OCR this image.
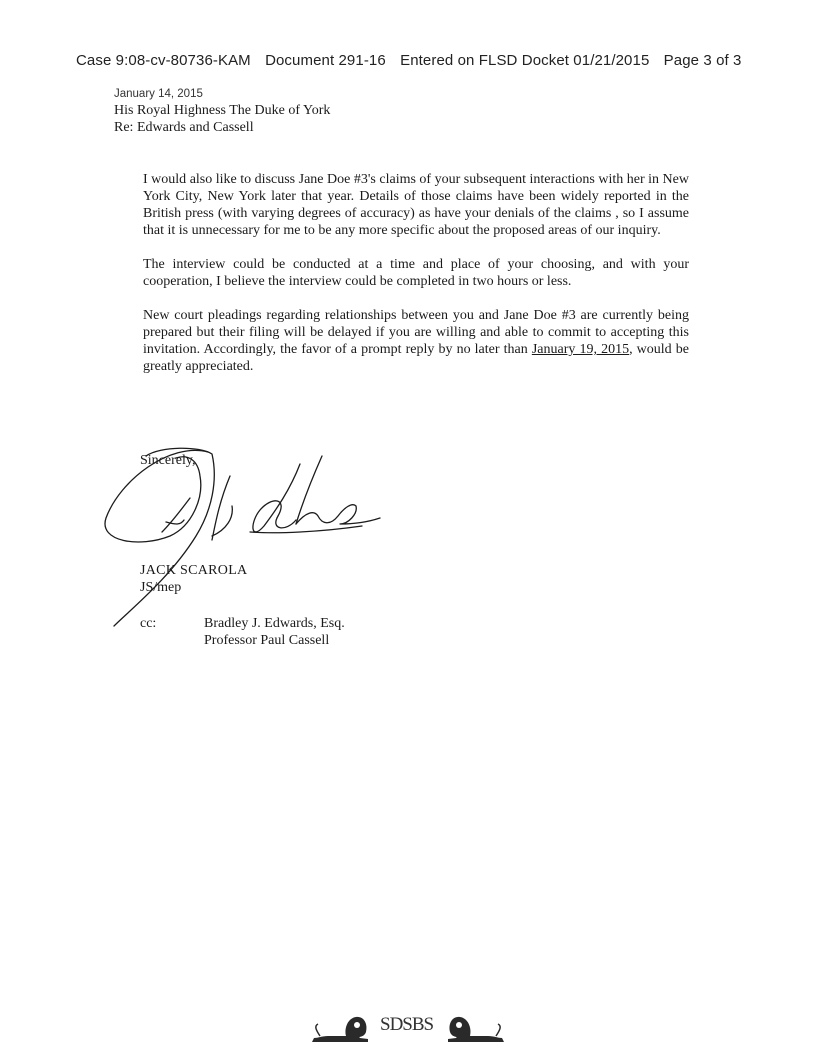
Case 9:08-cv-80736-KAM Document 291-16 Entered on FLSD Docket 01/21/2015 Page 3 of 3
January 14, 2015
His Royal Highness The Duke of York
Re: Edwards and Cassell

I would also like to discuss Jane Doe #3's claims of your subsequent interactions with her in New York City, New York later that year. Details of those claims have been widely reported in the British press (with varying degrees of accuracy) as have your denials of the claims , so I assume that it is unnecessary for me to be any more specific about the proposed areas of our inquiry.

The interview could be conducted at a time and place of your choosing, and with your cooperation, I believe the interview could be completed in two hours or less.

New court pleadings regarding relationships between you and Jane Doe #3 are currently being prepared but their filing will be delayed if you are willing and able to commit to accepting this invitation. Accordingly, the favor of a prompt reply by no later than January 19, 2015, would be greatly appreciated.

Sincerely,
JACK SCAROLA
JS/mep
cc:	Bradley J. Edwards, Esq.
Professor Paul Cassell
SDSBS
